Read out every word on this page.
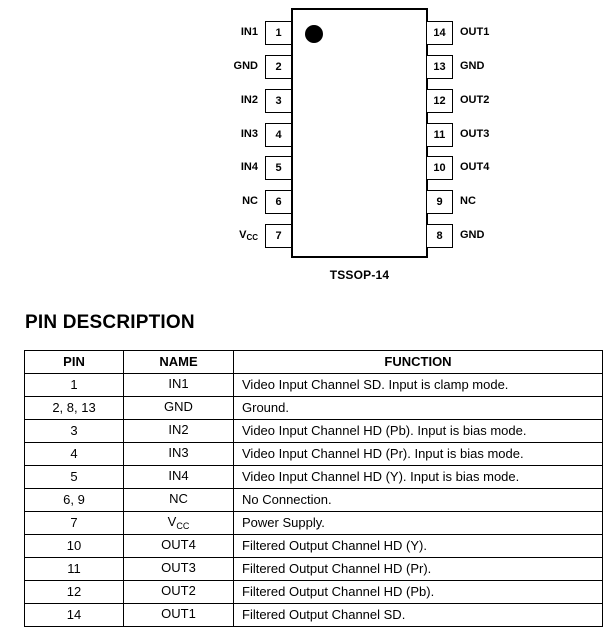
IN1	1
GND	2
IN2	3
IN3	4
IN4	5
NC	6
$V_{CC}$	7
14	OUT1
13	GND
12	OUT2
11	OUT3
10	OUT4
9	NC
8	GND
TSSOP-14
PIN DESCRIPTION
PIN	NAME	FUNCTION
1	IN1	Video Input Channel SD. Input is clamp mode.
2, 8, 13	GND	Ground.
3	IN2	Video Input Channel HD (Pb). Input is bias mode.
4	IN3	Video Input Channel HD (Pr). Input is bias mode.
5	IN4	Video Input Channel HD (Y). Input is bias mode.
6, 9	NC	No Connection.
7	$V_{CC}$	Power Supply.
10	OUT4	Filtered Output Channel HD (Y).
11	OUT3	Filtered Output Channel HD (Pr).
12	OUT2	Filtered Output Channel HD (Pb).
14	OUT1	Filtered Output Channel SD.
